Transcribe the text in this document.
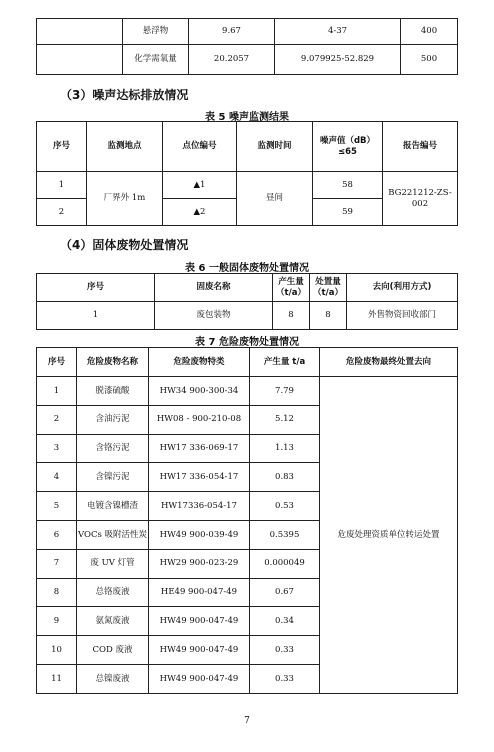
	悬浮物	9.67	4-37	400	
	化学需氧量	20.2057	9.079925-52.829	500	

（3）噪声达标排放情况

表 5 噪声监测结果

序号	监测地点	点位编号	监测时间	噪声值（dB）≤65	报告编号
1	厂界外 1m	▲1	昼间	58	BG221212-ZS-002
2		▲2		59	

（4）固体废物处置情况

表 6 一般固体废物处置情况

序号	固废名称	产生量（t/a）	处置量（t/a）	去向(利用方式)
1	废包装物	8	8	外售物资回收部门

表 7 危险废物处置情况

序号	危险废物名称	危险废物特类	产生量 t/a	危险废物最终处置去向
1	脱漆硫酸	HW34 900-300-34	7.79	危废处理资质单位转运处置
2	含油污泥	HW08 - 900-210-08	5.12	
3	含铬污泥	HW17 336-069-17	1.13	
4	含镍污泥	HW17 336-054-17	0.83	
5	电镀含镍槽渣	HW17336-054-17	0.53	
6	VOCs 吸附活性炭	HW49 900-039-49	0.5395	
7	废 UV 灯管	HW29 900-023-29	0.000049	
8	总铬废液	HE49 900-047-49	0.67	
9	氨氮废液	HW49 900-047-49	0.34	
10	COD 废液	HW49 900-047-49	0.33	
11	总镍废液	HW49 900-047-49	0.33	
7
